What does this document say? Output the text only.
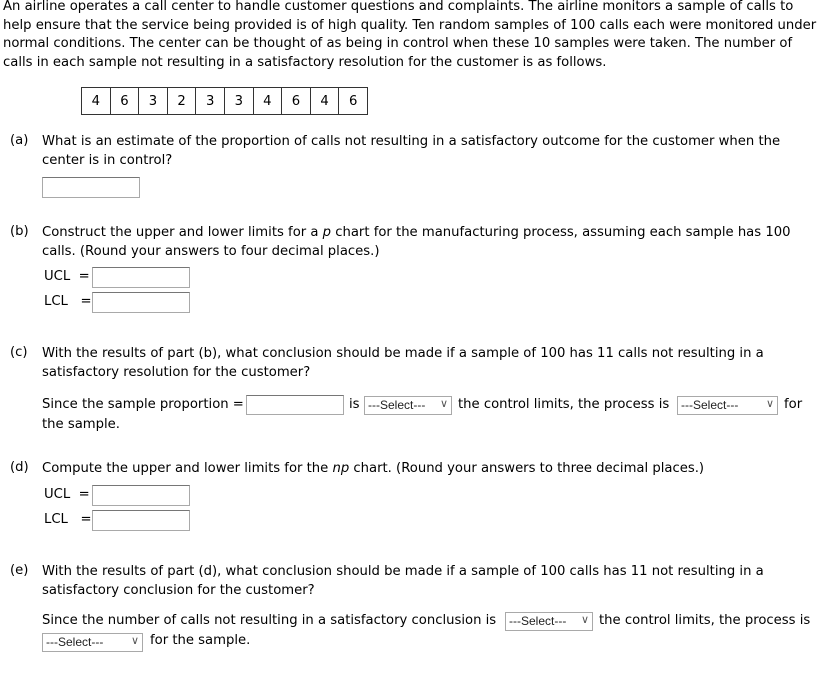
An airline operates a call center to handle customer questions and complaints. The airline monitors a sample of calls to help ensure that the service being provided is of high quality. Ten random samples of 100 calls each were monitored under normal conditions. The center can be thought of as being in control when these 10 samples were taken. The number of calls in each sample not resulting in a satisfactory resolution for the customer is as follows.
4	6	3	2	3	3	4	6	4	6
(a) What is an estimate of the proportion of calls not resulting in a satisfactory outcome for the customer when the center is in control?
(b) Construct the upper and lower limits for a p chart for the manufacturing process, assuming each sample has 100 calls. (Round your answers to four decimal places.)
UCL =
LCL =
(c) With the results of part (b), what conclusion should be made if a sample of 100 has 11 calls not resulting in a satisfactory resolution for the customer?
Since the sample proportion =	is ---Select--- ∨ the control limits, the process is ---Select---	∨ for
the sample.
(d) Compute the upper and lower limits for the np chart. (Round your answers to three decimal places.)
UCL =
LCL =
(e) With the results of part (d), what conclusion should be made if a sample of 100 calls has 11 not resulting in a satisfactory conclusion for the customer?
Since the number of calls not resulting in a satisfactory conclusion is	---Select--- ∨ the control limits, the process is
---Select---	∨ for the sample.
